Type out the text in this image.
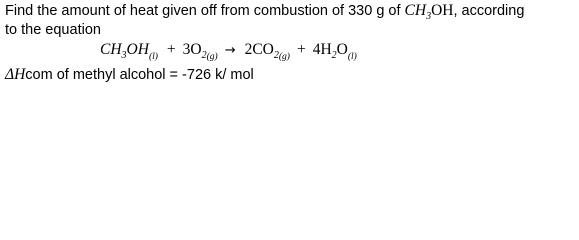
Find the amount of heat given off from combustion of 330 g of $CH_3OH$, according
to the equation
$CH_3OH_{(l)} + 3O_{2(g)} \to 2CO_{2(g)} + 4H_2O_{(l)}$
ΔHcom of methyl alcohol = -726 k/ mol
